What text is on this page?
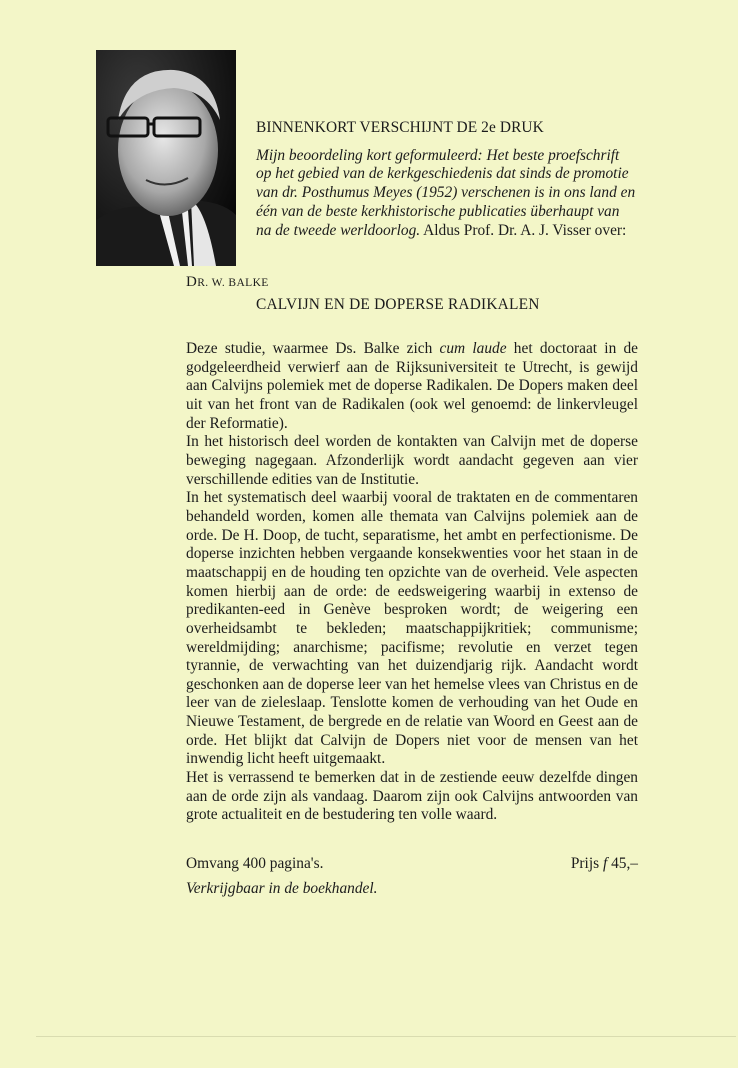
BINNENKORT VERSCHIJNT DE 2e DRUK

Mijn beoordeling kort geformuleerd: Het beste proefschrift op het gebied van de kerkgeschiedenis dat sinds de promotie van dr. Posthumus Meyes (1952) verschenen is in ons land en één van de beste kerkhistorische publicaties überhaupt van na de tweede werldoorlog. Aldus Prof. Dr. A. J. Visser over:

DR. W. BALKE
CALVIJN EN DE DOPERSE RADIKALEN

Deze studie, waarmee Ds. Balke zich cum laude het doctoraat in de godgeleerdheid verwierf aan de Rijksuniversiteit te Utrecht, is gewijd aan Calvijns polemiek met de doperse Radikalen. De Dopers maken deel uit van het front van de Radikalen (ook wel genoemd: de linkervleugel der Reformatie).

In het historisch deel worden de kontakten van Calvijn met de doperse beweging nagegaan. Afzonderlijk wordt aandacht gegeven aan vier verschillende edities van de Institutie.

In het systematisch deel waarbij vooral de traktaten en de commentaren behandeld worden, komen alle themata van Calvijns polemiek aan de orde. De H. Doop, de tucht, separatisme, het ambt en perfectionisme. De doperse inzichten hebben vergaande konsekwenties voor het staan in de maatschappij en de houding ten opzichte van de overheid. Vele aspecten komen hierbij aan de orde: de eedsweigering waarbij in extenso de predikanten-eed in Genève besproken wordt; de weigering een overheidsambt te bekleden; maatschappijkritiek; communisme; wereldmijding; anarchisme; pacifisme; revolutie en verzet tegen tyrannie, de verwachting van het duizendjarig rijk. Aandacht wordt geschonken aan de doperse leer van het hemelse vlees van Christus en de leer van de zieleslaap. Tenslotte komen de verhouding van het Oude en Nieuwe Testament, de bergrede en de relatie van Woord en Geest aan de orde. Het blijkt dat Calvijn de Dopers niet voor de mensen van het inwendig licht heeft uitgemaakt.

Het is verrassend te bemerken dat in de zestiende eeuw dezelfde dingen aan de orde zijn als vandaag. Daarom zijn ook Calvijns antwoorden van grote actualiteit en de bestudering ten volle waard.

Omvang 400 pagina's.	Prijs f 45,–
Verkrijgbaar in de boekhandel.
